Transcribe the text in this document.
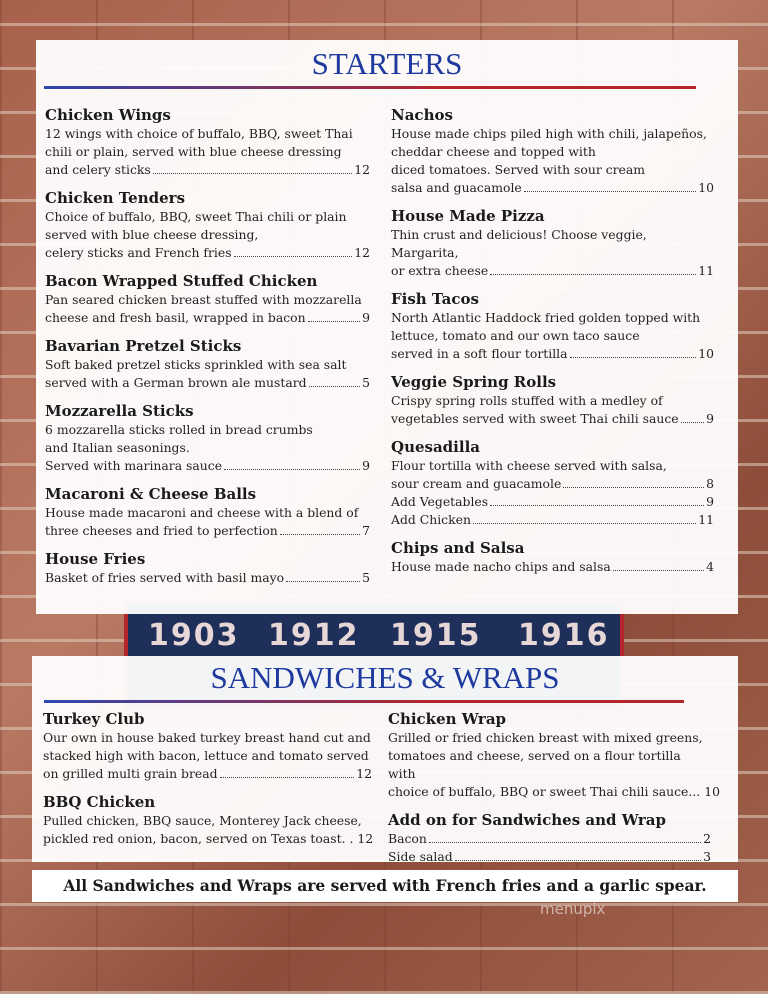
1903 1912 1915 1916
STARTERS
Chicken Wings
12 wings with choice of buffalo, BBQ, sweet Thai
chili or plain, served with blue cheese dressing
and celery sticks	12
Chicken Tenders
Choice of buffalo, BBQ, sweet Thai chili or plain
served with blue cheese dressing,
celery sticks and French fries	12
Bacon Wrapped Stuffed Chicken
Pan seared chicken breast stuffed with mozzarella
cheese and fresh basil, wrapped in bacon	9
Bavarian Pretzel Sticks
Soft baked pretzel sticks sprinkled with sea salt
served with a German brown ale mustard	5
Mozzarella Sticks
6 mozzarella sticks rolled in bread crumbs
and Italian seasonings.
Served with marinara sauce	9
Macaroni & Cheese Balls
House made macaroni and cheese with a blend of
three cheeses and fried to perfection	7
House Fries
Basket of fries served with basil mayo	5
Nachos
House made chips piled high with chili, jalapeños,
cheddar cheese and topped with
diced tomatoes. Served with sour cream
salsa and guacamole	10
House Made Pizza
Thin crust and delicious! Choose veggie, Margarita,
or extra cheese	11
Fish Tacos
North Atlantic Haddock fried golden topped with
lettuce, tomato and our own taco sauce
served in a soft flour tortilla	10
Veggie Spring Rolls
Crispy spring rolls stuffed with a medley of
vegetables served with sweet Thai chili sauce 9
Quesadilla
Flour tortilla with cheese served with salsa,
sour cream and guacamole	8
Add Vegetables	9
Add Chicken	11
Chips and Salsa
House made nacho chips and salsa	4
SANDWICHES & WRAPS
Turkey Club
Our own in house baked turkey breast hand cut and
stacked high with bacon, lettuce and tomato served
on grilled multi grain bread	12
BBQ Chicken
Pulled chicken, BBQ sauce, Monterey Jack cheese,
pickled red onion, bacon, served on Texas toast. . 12
Chicken Wrap
Grilled or fried chicken breast with mixed greens,
tomatoes and cheese, served on a flour tortilla with
choice of buffalo, BBQ or sweet Thai chili sauce... 10
Add on for Sandwiches and Wrap
Bacon	2
Side salad	3
All Sandwiches and Wraps are served with French fries and a garlic spear.
menupix
